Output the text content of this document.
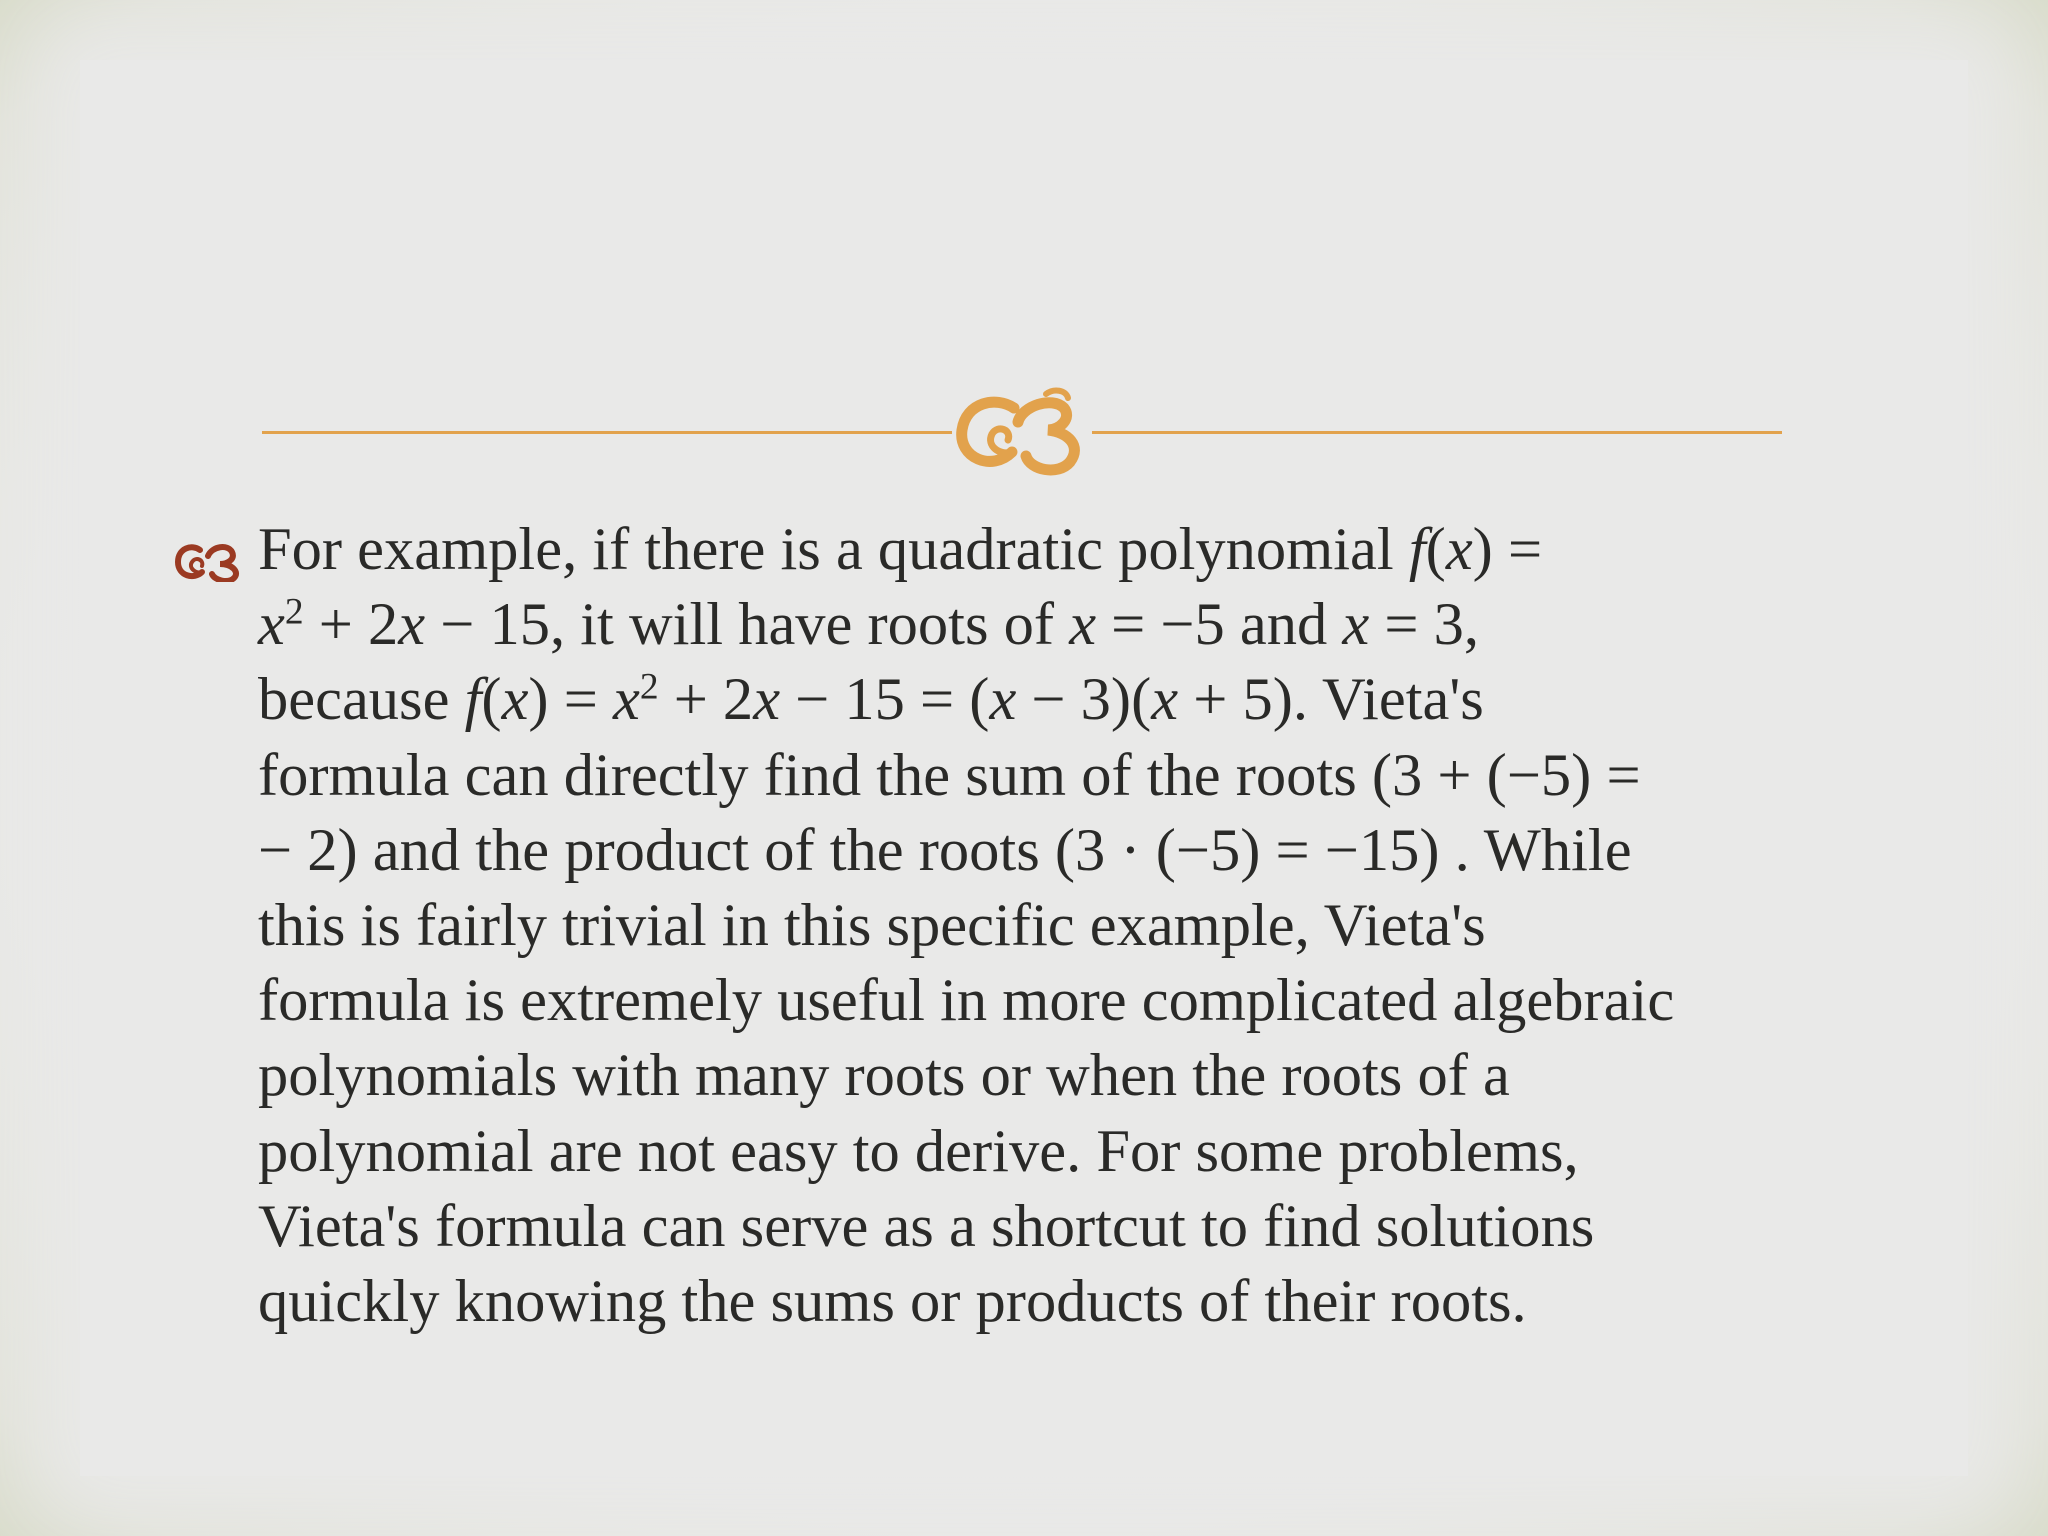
For example, if there is a quadratic polynomial f(x) =
$x^2 + 2x - 15$, it will have roots of x = −5 and x = 3,
because $f(x) = x^2 + 2x - 15 = (x - 3)(x + 5)$. Vieta's
formula can directly find the sum of the roots (3 + (−5) =
− 2) and the product of the roots (3 · (−5) = −15) . While
this is fairly trivial in this specific example, Vieta's
formula is extremely useful in more complicated algebraic
polynomials with many roots or when the roots of a
polynomial are not easy to derive. For some problems,
Vieta's formula can serve as a shortcut to find solutions
quickly knowing the sums or products of their roots.
